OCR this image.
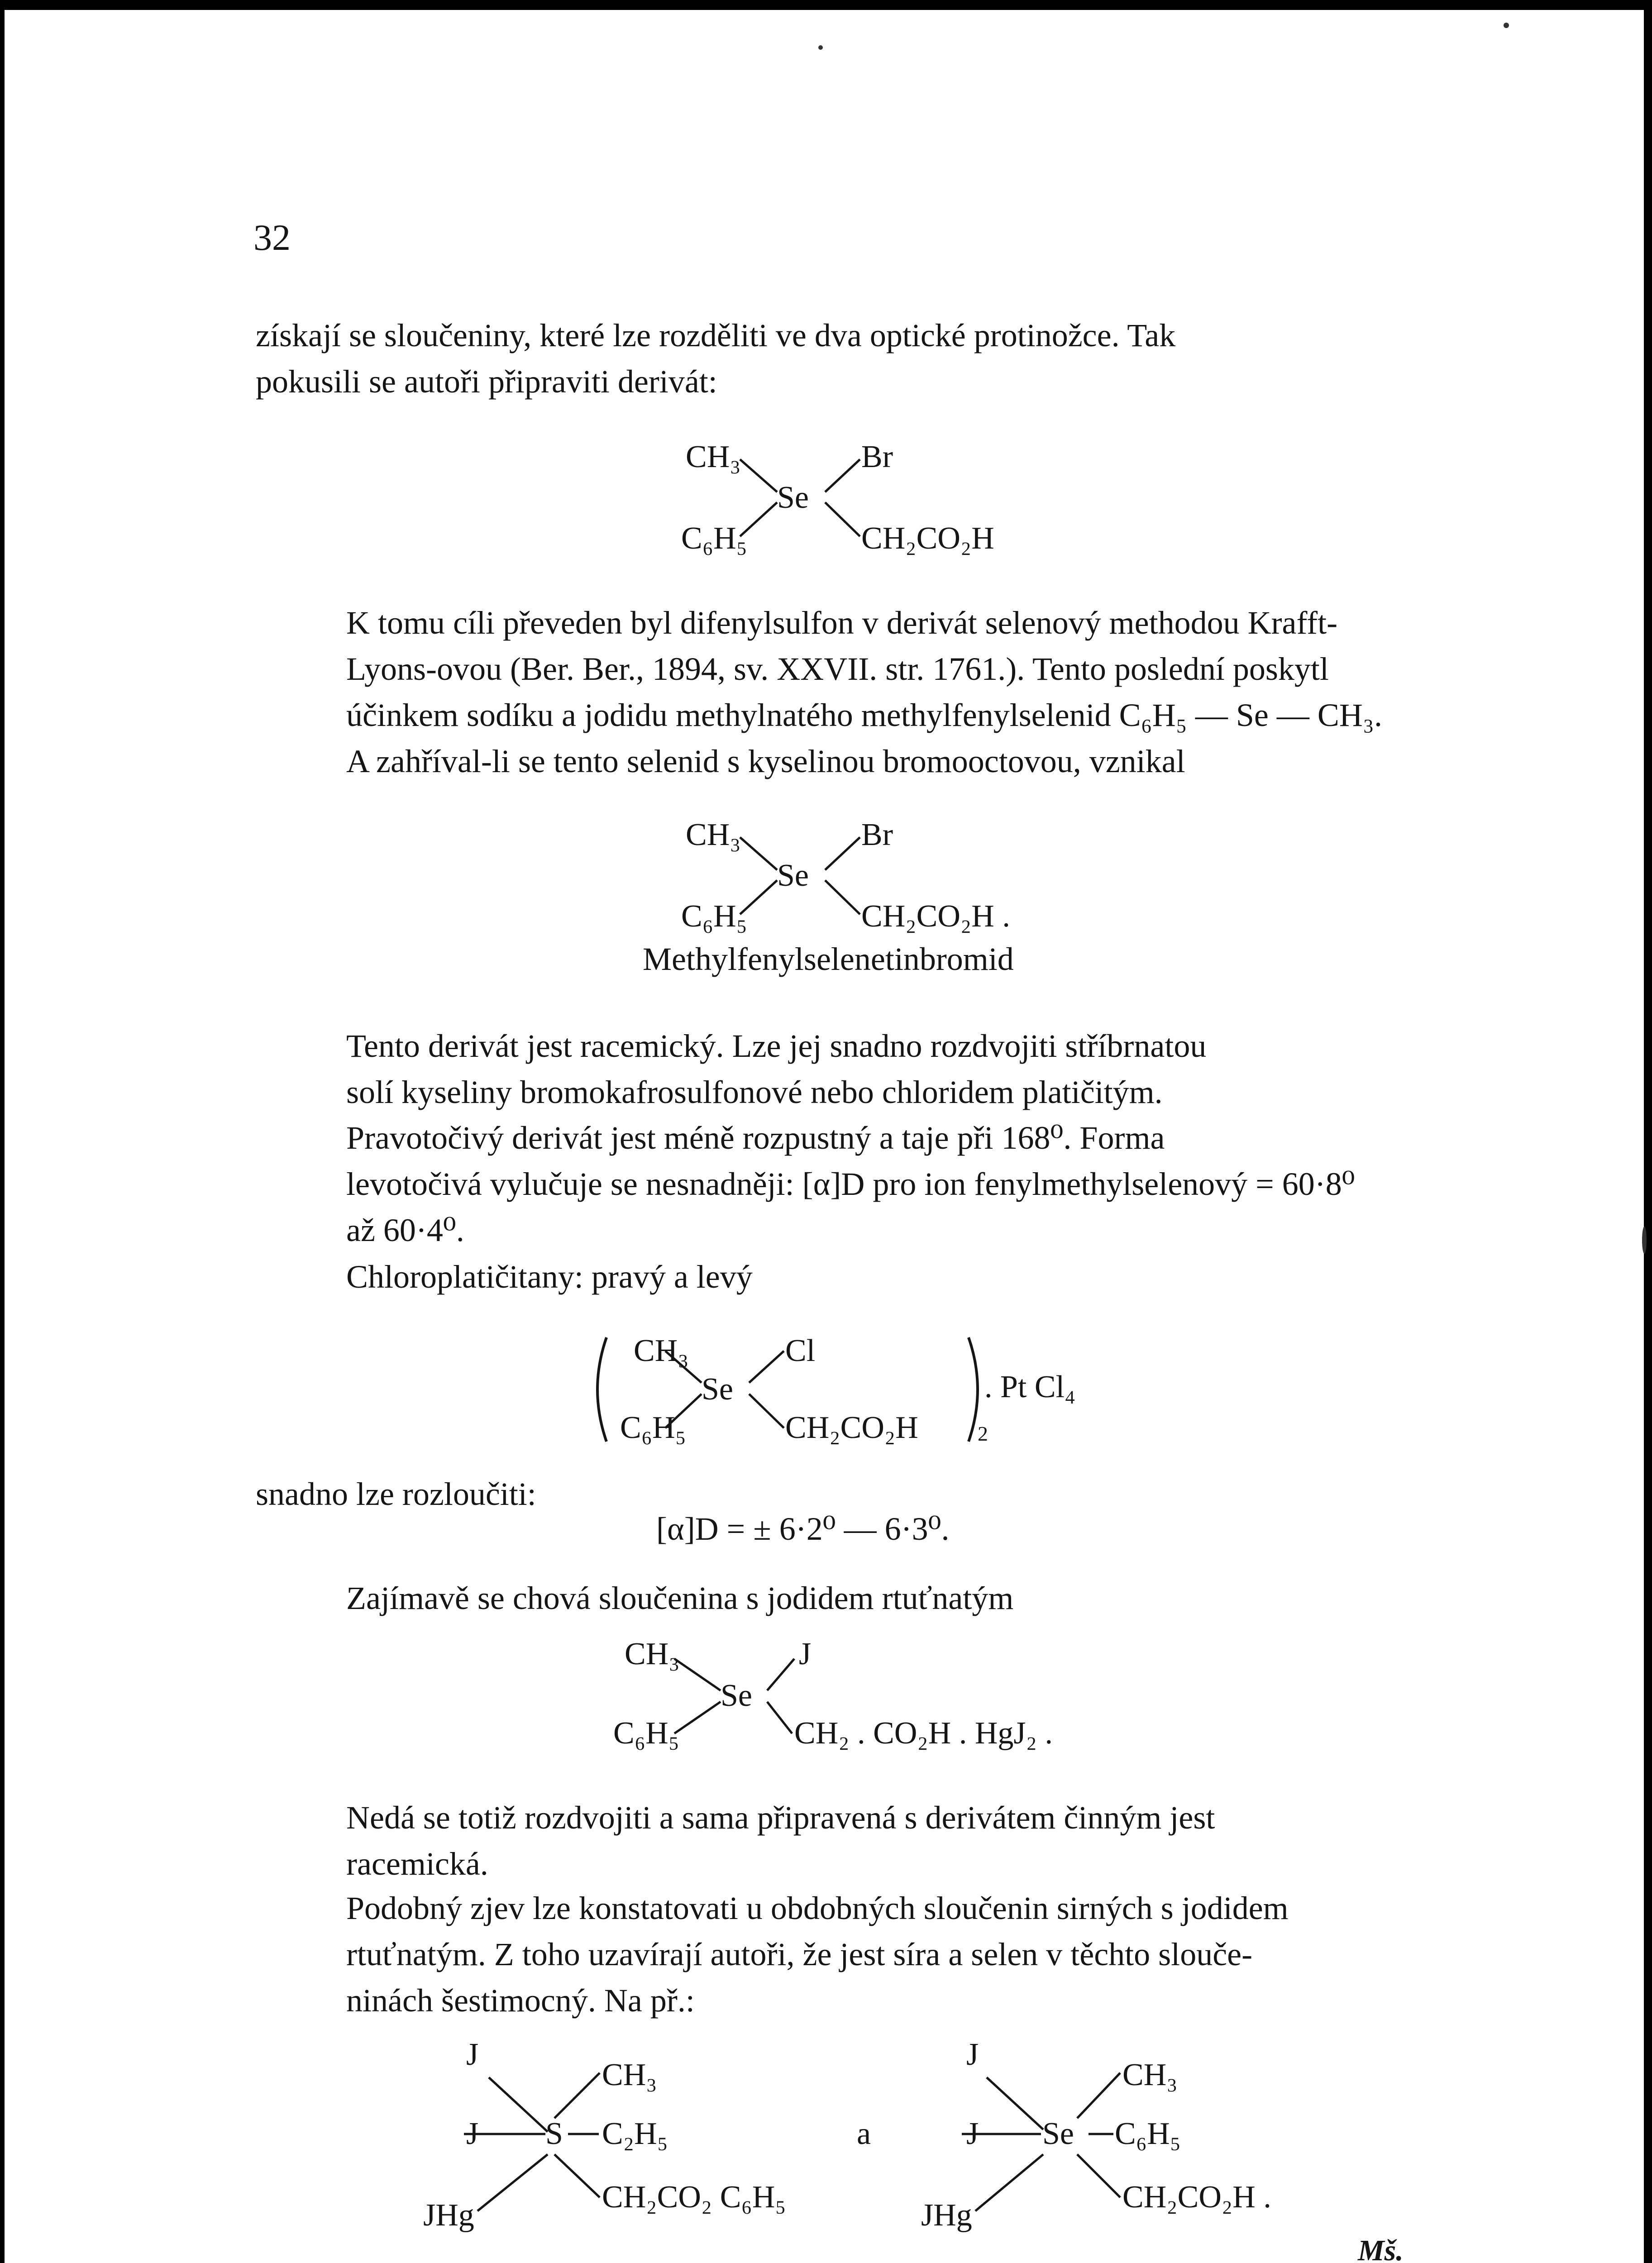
32
získají se sloučeniny, které lze rozděliti ve dva optické protinožce. Tak
pokusili se autoři připraviti derivát:
CH₃
C₆H₅
Se
Br
CH₂CO₂H
K tomu cíli převeden byl difenylsulfon v derivát selenový methodou Krafft-
Lyons-ovou (Ber. Ber., 1894, sv. XXVII. str. 1761.). Tento poslední poskytl
účinkem sodíku a jodidu methylnatého methylfenylselenid C₆H₅ — Se — CH₃.
A zahříval-li se tento selenid s kyselinou bromooctovou, vznikal
CH₃
C₆H₅
Se
Br
CH₂CO₂H .
Methylfenylselenetinbromid
Tento derivát jest racemický. Lze jej snadno rozdvojiti stříbrnatou
solí kyseliny bromokafrosulfonové nebo chloridem platičitým.
Pravotočivý derivát jest méně rozpustný a taje při 168⁰. Forma
levotočivá vylučuje se nesnadněji: [α]D pro ion fenylmethylselenový = 60·8⁰
až 60·4⁰.
Chloroplatičitany: pravý a levý
CH₃
C₆H₅
Se
Cl
CH₂CO₂H	2
. Pt Cl₄
snadno lze rozloučiti:
[α]D = ± 6·2⁰ — 6·3⁰.
Zajímavě se chová sloučenina s jodidem rtuťnatým
CH₃
C₆H₅
Se
J
CH₂ . CO₂H . HgJ₂ .
Nedá se totiž rozdvojiti a sama připravená s derivátem činným jest
racemická.
Podobný zjev lze konstatovati u obdobných sloučenin sirných s jodidem
rtuťnatým. Z toho uzavírají autoři, že jest síra a selen v těchto slouče-
ninách šestimocný. Na př.:
J
J
JHg
S
CH₃
C₂H₅
CH₂CO₂ C₆H₅
a
J
J
JHg
Se
CH₃
C₆H₅
CH₂CO₂H .
Mš.
